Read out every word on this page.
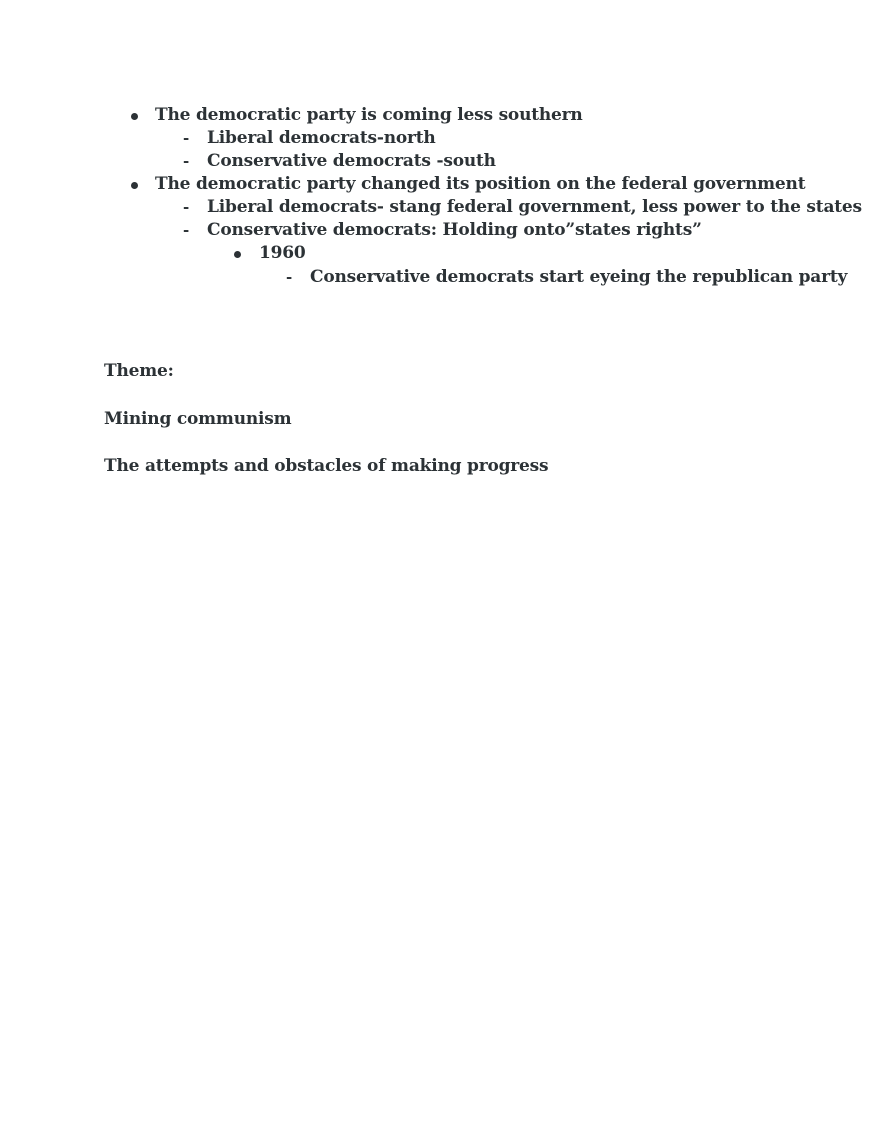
The democratic party is coming less southern
- Liberal democrats-north
- Conservative democrats -south
The democratic party changed its position on the federal government
- Liberal democrats- stang federal government, less power to the states
- Conservative democrats: Holding onto”states rights”
1960
- Conservative democrats start eyeing the republican party
Theme:
Mining communism
The attempts and obstacles of making progress
